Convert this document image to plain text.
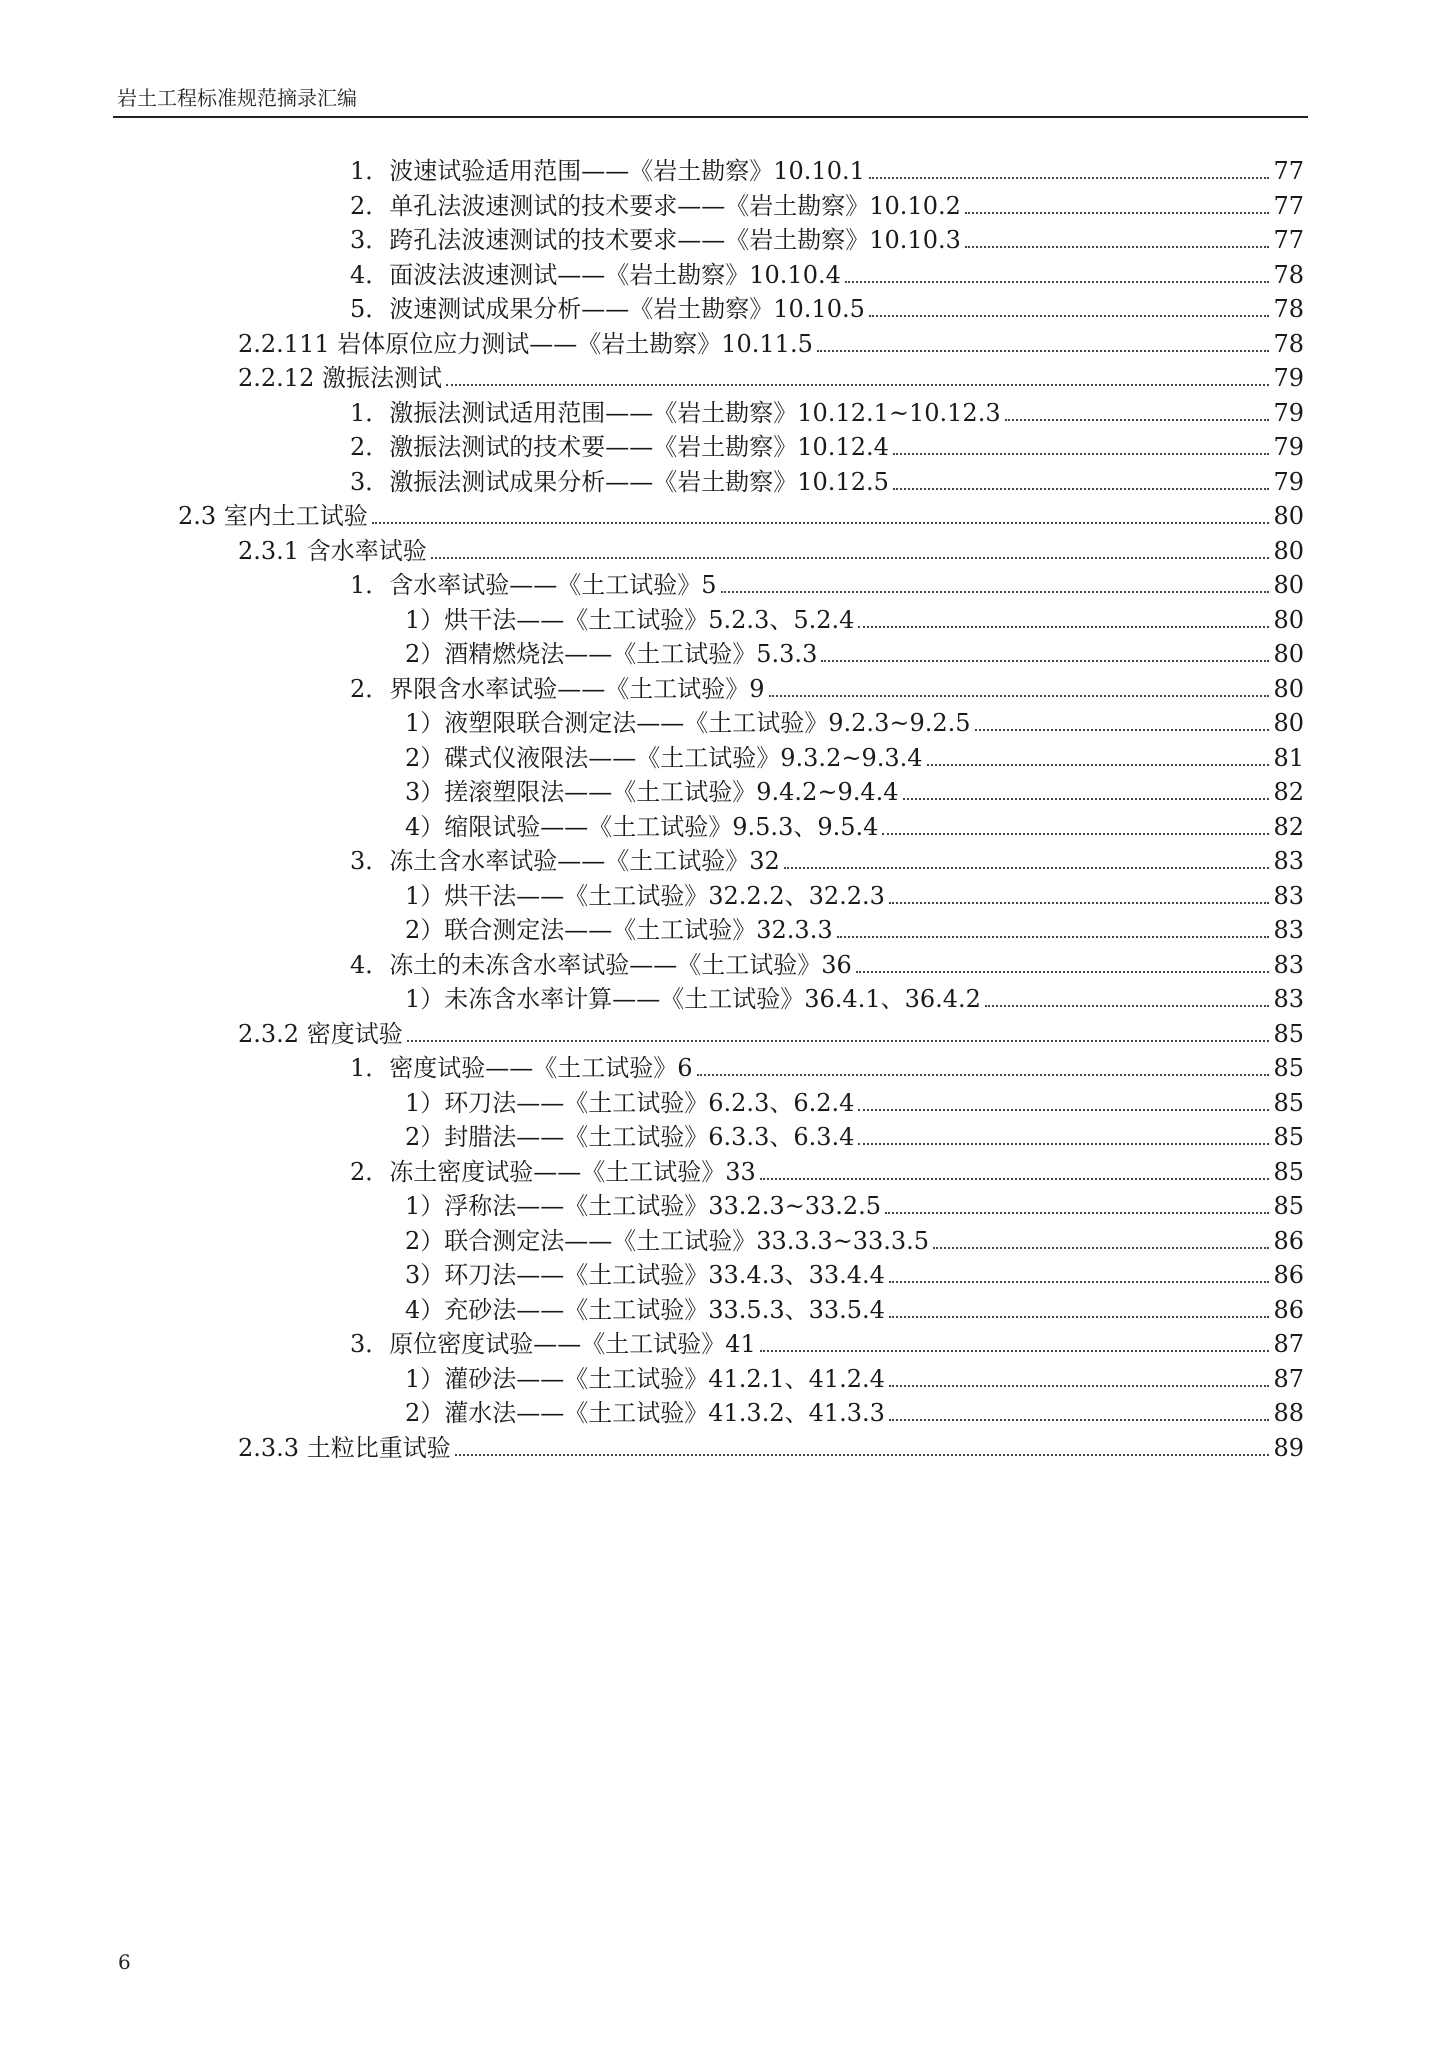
岩土工程标准规范摘录汇编
1．波速试验适用范围——《岩土勘察》10.10.1	77
2．单孔法波速测试的技术要求——《岩土勘察》10.10.2	77
3．跨孔法波速测试的技术要求——《岩土勘察》10.10.3	77
4．面波法波速测试——《岩土勘察》10.10.4	78
5．波速测试成果分析——《岩土勘察》10.10.5	78
2.2.111 岩体原位应力测试——《岩土勘察》10.11.5	78
2.2.12 激振法测试	79
1．激振法测试适用范围——《岩土勘察》10.12.1~10.12.3	79
2．激振法测试的技术要——《岩土勘察》10.12.4	79
3．激振法测试成果分析——《岩土勘察》10.12.5	79
2.3 室内土工试验	80
2.3.1 含水率试验	80
1．含水率试验——《土工试验》5	80
1）烘干法——《土工试验》5.2.3、5.2.4	80
2）酒精燃烧法——《土工试验》5.3.3	80
2．界限含水率试验——《土工试验》9	80
1）液塑限联合测定法——《土工试验》9.2.3~9.2.5	80
2）碟式仪液限法——《土工试验》9.3.2~9.3.4	81
3）搓滚塑限法——《土工试验》9.4.2~9.4.4	82
4）缩限试验——《土工试验》9.5.3、9.5.4	82
3．冻土含水率试验——《土工试验》32	83
1）烘干法——《土工试验》32.2.2、32.2.3	83
2）联合测定法——《土工试验》32.3.3	83
4．冻土的未冻含水率试验——《土工试验》36	83
1）未冻含水率计算——《土工试验》36.4.1、36.4.2	83
2.3.2 密度试验	85
1．密度试验——《土工试验》6	85
1）环刀法——《土工试验》6.2.3、6.2.4	85
2）封腊法——《土工试验》6.3.3、6.3.4	85
2．冻土密度试验——《土工试验》33	85
1）浮称法——《土工试验》33.2.3~33.2.5	85
2）联合测定法——《土工试验》33.3.3~33.3.5	86
3）环刀法——《土工试验》33.4.3、33.4.4	86
4）充砂法——《土工试验》33.5.3、33.5.4	86
3．原位密度试验——《土工试验》41	87
1）灌砂法——《土工试验》41.2.1、41.2.4	87
2）灌水法——《土工试验》41.3.2、41.3.3	88
2.3.3 土粒比重试验	89
6
